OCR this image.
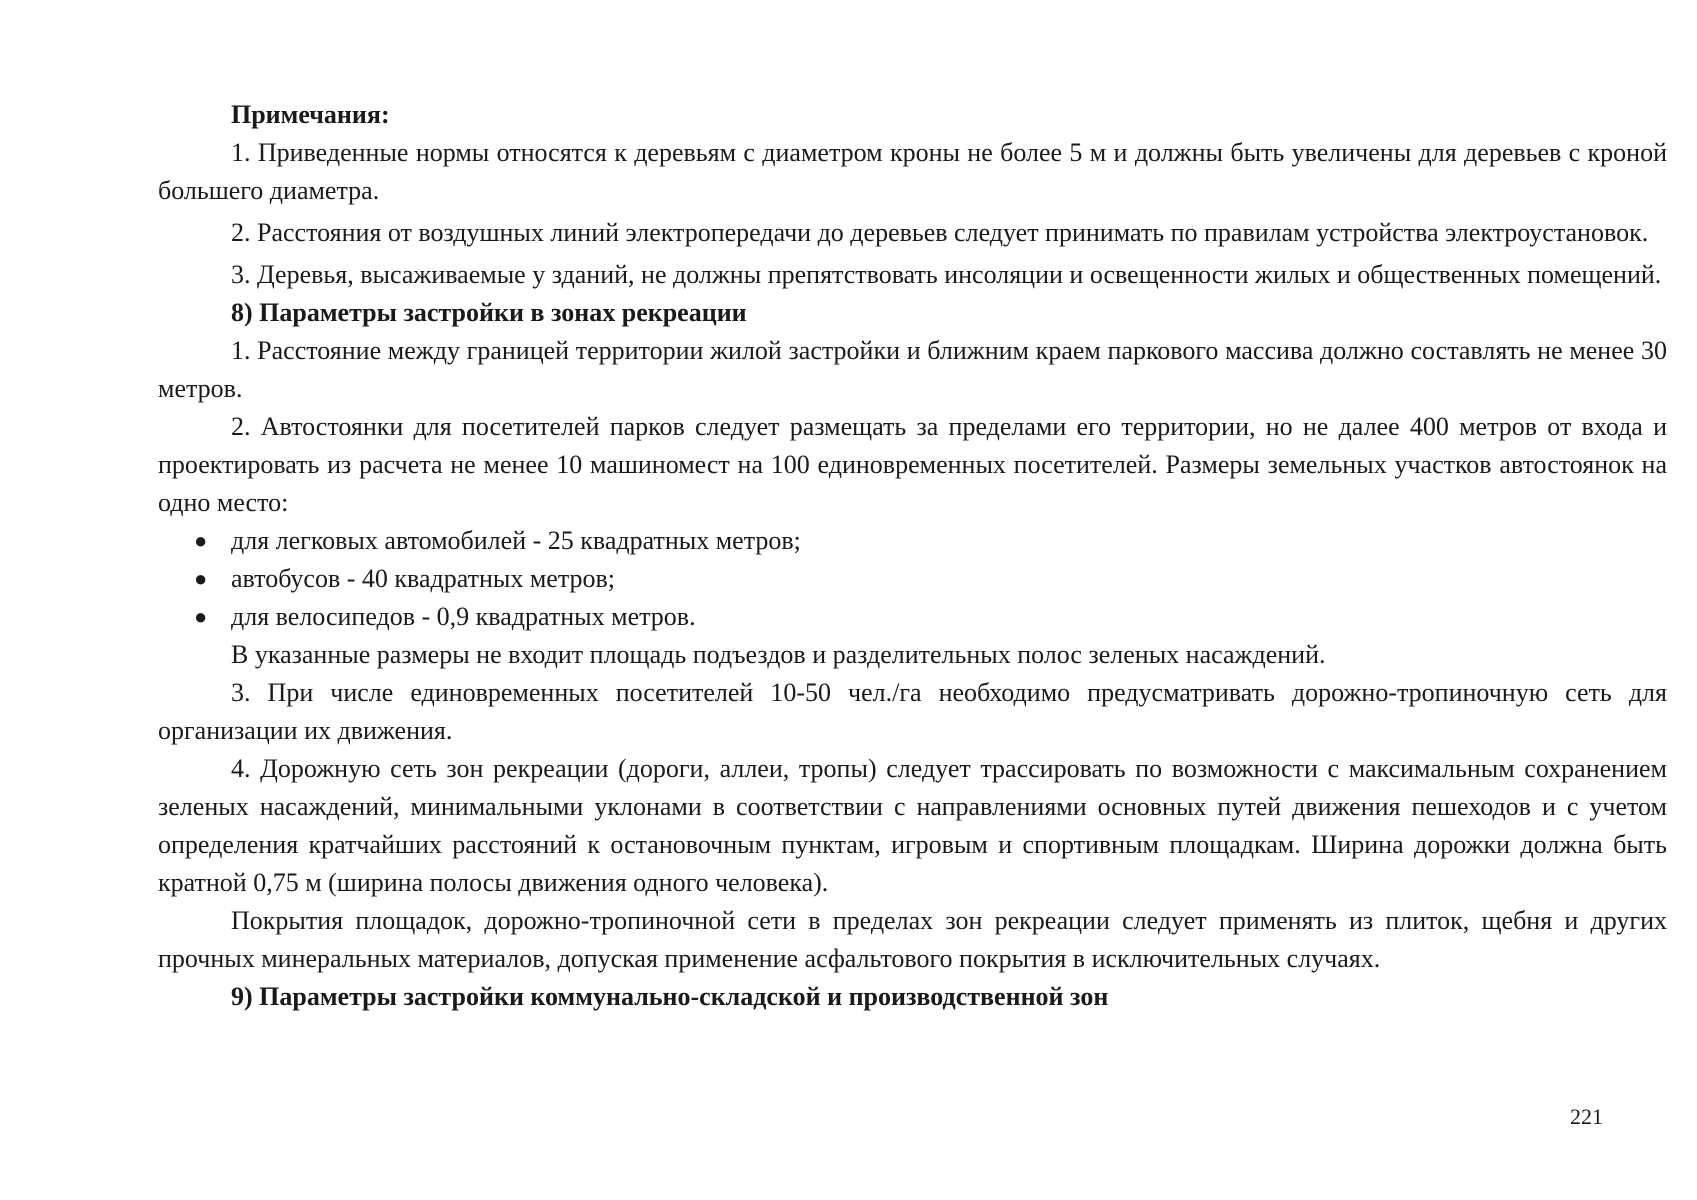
Примечания:

1. Приведенные нормы относятся к деревьям с диаметром кроны не более 5 м и должны быть увеличены для деревьев с кроной большего диаметра.

2. Расстояния от воздушных линий электропередачи до деревьев следует принимать по правилам устройства электроустановок.

3. Деревья, высаживаемые у зданий, не должны препятствовать инсоляции и освещенности жилых и общественных помещений.

8) Параметры застройки в зонах рекреации

1. Расстояние между границей территории жилой застройки и ближним краем паркового массива должно составлять не менее 30 метров.

2. Автостоянки для посетителей парков следует размещать за пределами его территории, но не далее 400 метров от входа и проектировать из расчета не менее 10 машиномест на 100 единовременных посетителей. Размеры земельных участков автостоянок на одно место:

● для легковых автомобилей - 25 квадратных метров;
● автобусов - 40 квадратных метров;
● для велосипедов - 0,9 квадратных метров.

В указанные размеры не входит площадь подъездов и разделительных полос зеленых насаждений.

3. При числе единовременных посетителей 10-50 чел./га необходимо предусматривать дорожно-тропиночную сеть для организации их движения.

4. Дорожную сеть зон рекреации (дороги, аллеи, тропы) следует трассировать по возможности с максимальным сохранением зеленых насаждений, минимальными уклонами в соответствии с направлениями основных путей движения пешеходов и с учетом определения кратчайших расстояний к остановочным пунктам, игровым и спортивным площадкам. Ширина дорожки должна быть кратной 0,75 м (ширина полосы движения одного человека).

Покрытия площадок, дорожно-тропиночной сети в пределах зон рекреации следует применять из плиток, щебня и других прочных минеральных материалов, допуская применение асфальтового покрытия в исключительных случаях.

9) Параметры застройки коммунально-складской и производственной зон

221
